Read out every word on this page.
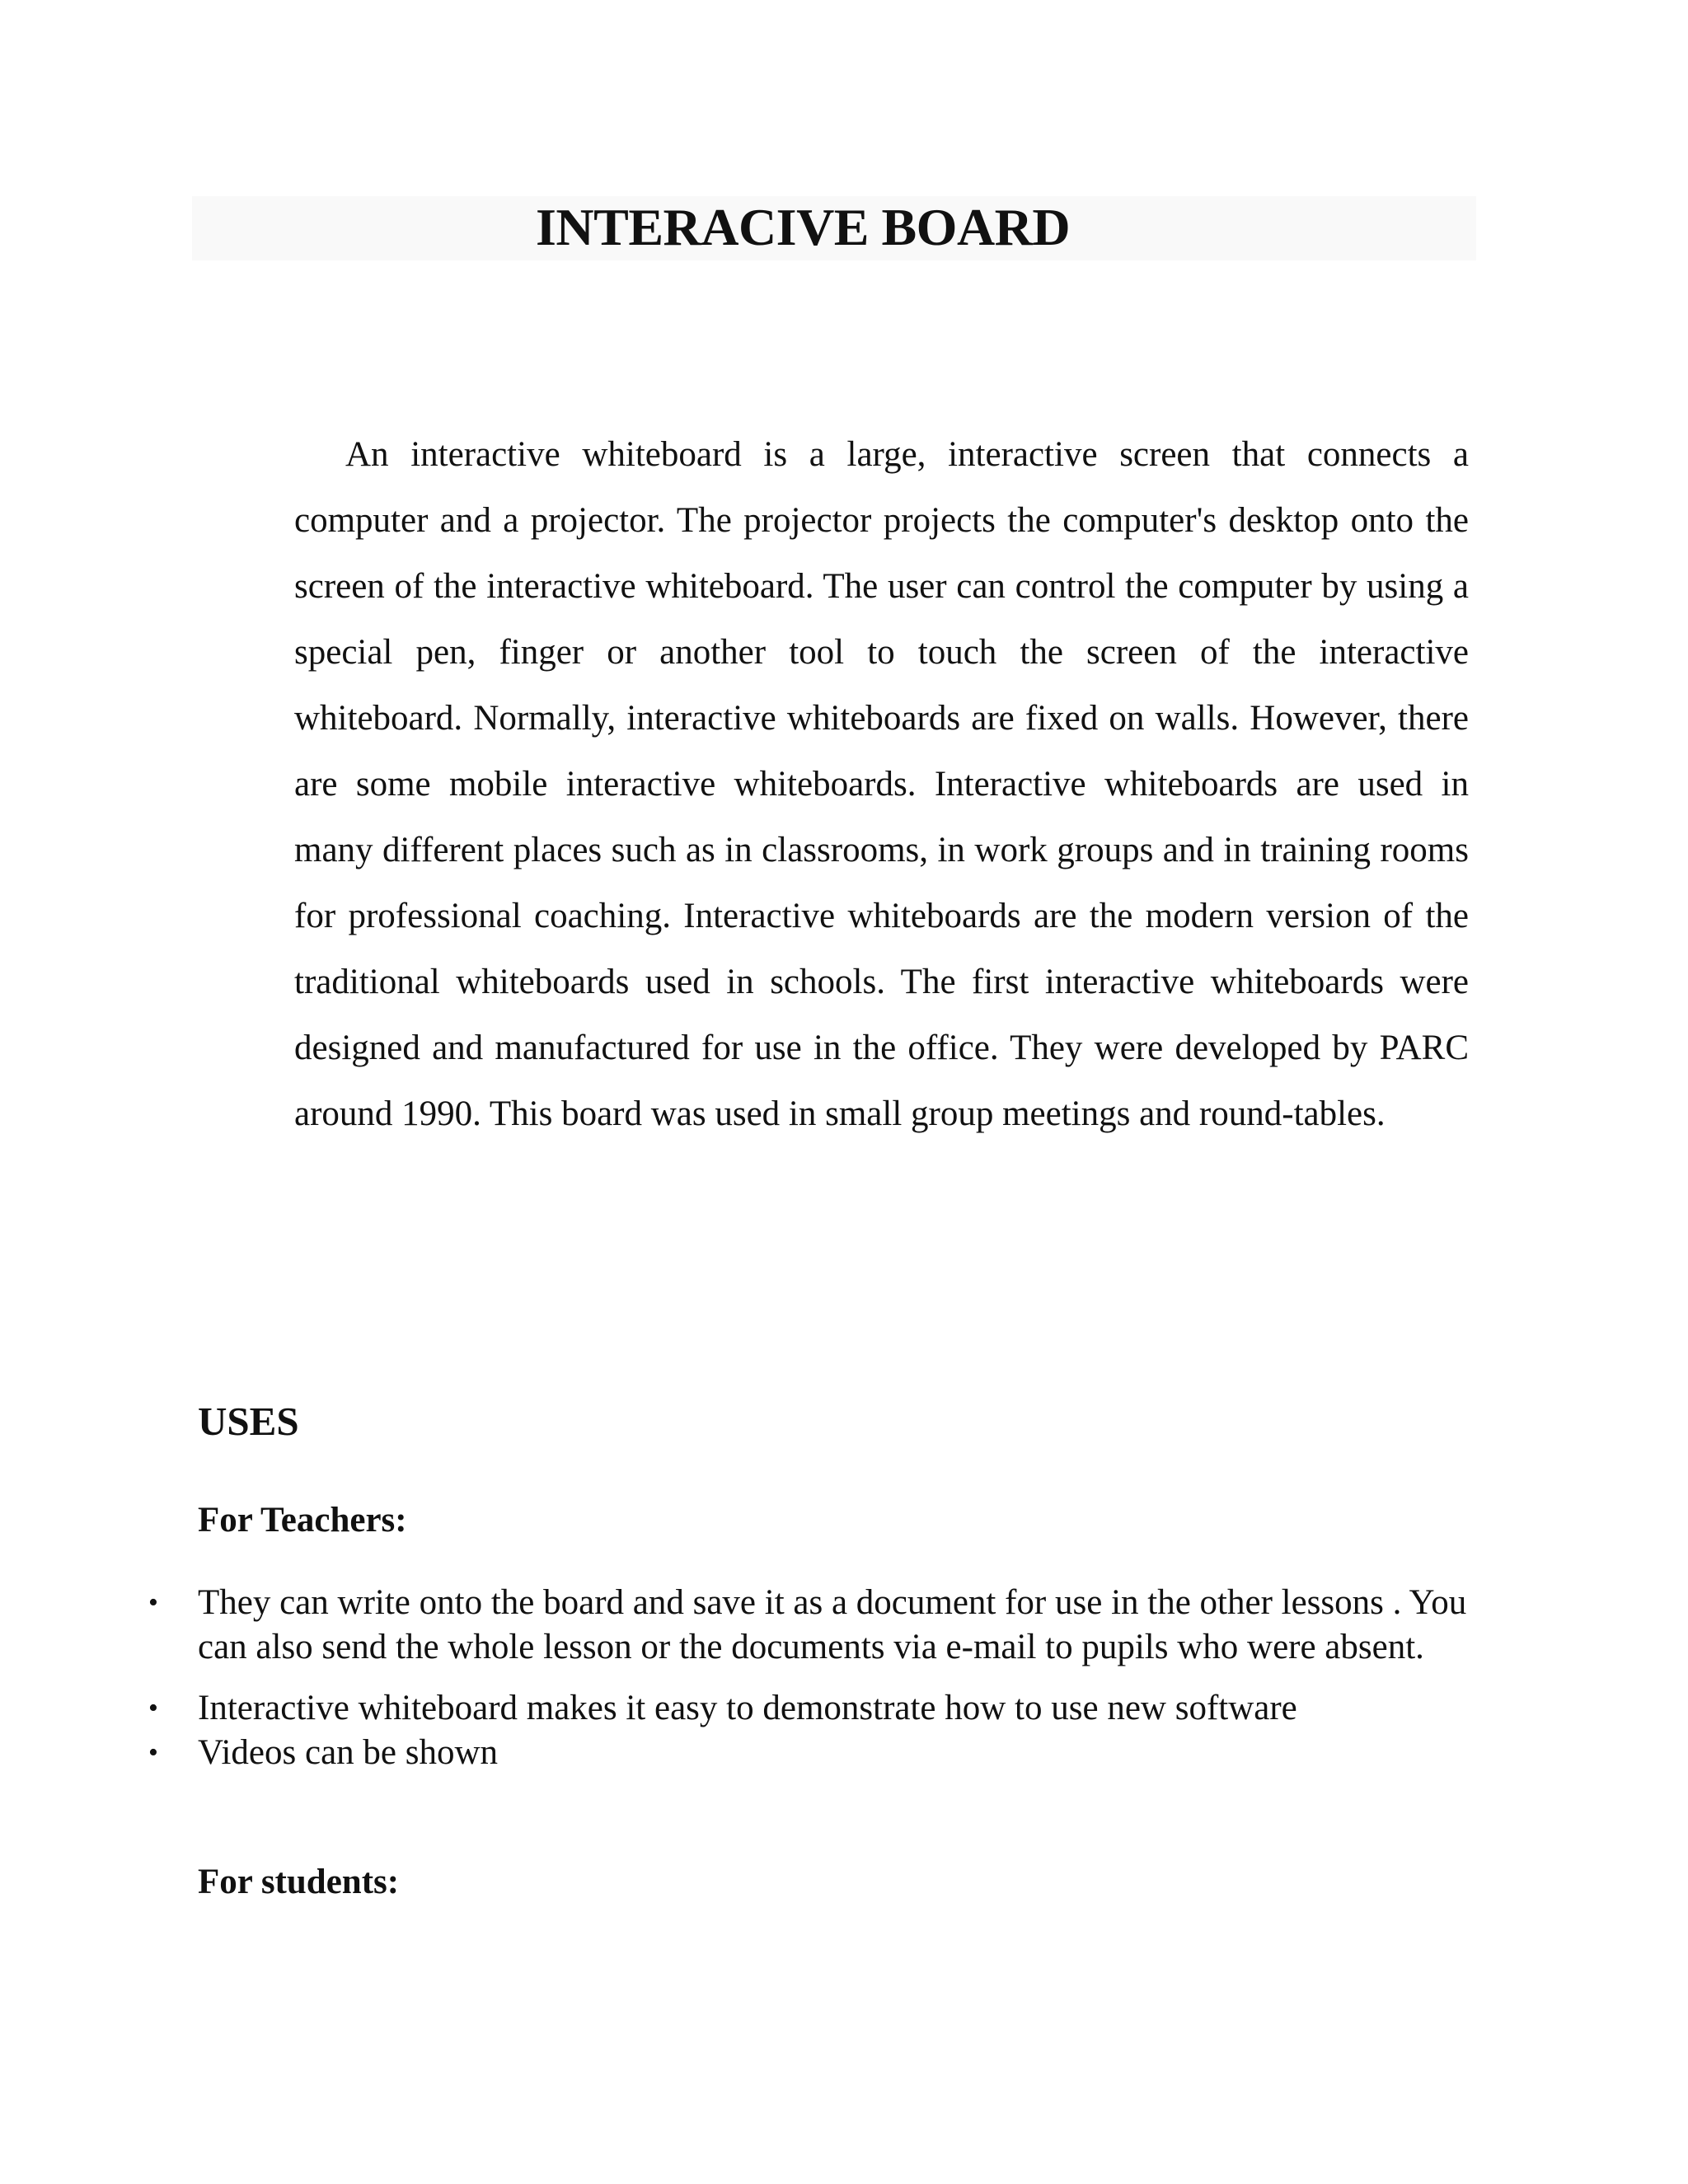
INTERACIVE BOARD

An interactive whiteboard is a large, interactive screen that connects a computer and a projector. The projector projects the computer's desktop onto the screen of the interactive whiteboard. The user can control the computer by using a special pen, finger or another tool to touch the screen of the interactive whiteboard. Normally, interactive whiteboards are fixed on walls. However, there are some mobile interactive whiteboards. Interactive whiteboards are used in many different places such as in classrooms, in work groups and in training rooms for professional coaching. Interactive whiteboards are the modern version of the traditional whiteboards used in schools. The first interactive whiteboards were designed and manufactured for use in the office. They were developed by PARC around 1990. This board was used in small group meetings and round-tables.

USES
For Teachers:
• They can write onto the board and save it as a document for use in the other lessons . You can also send the whole lesson or the documents via e-mail to pupils who were absent.
• Interactive whiteboard makes it easy to demonstrate how to use new software
• Videos can be shown
For students:
